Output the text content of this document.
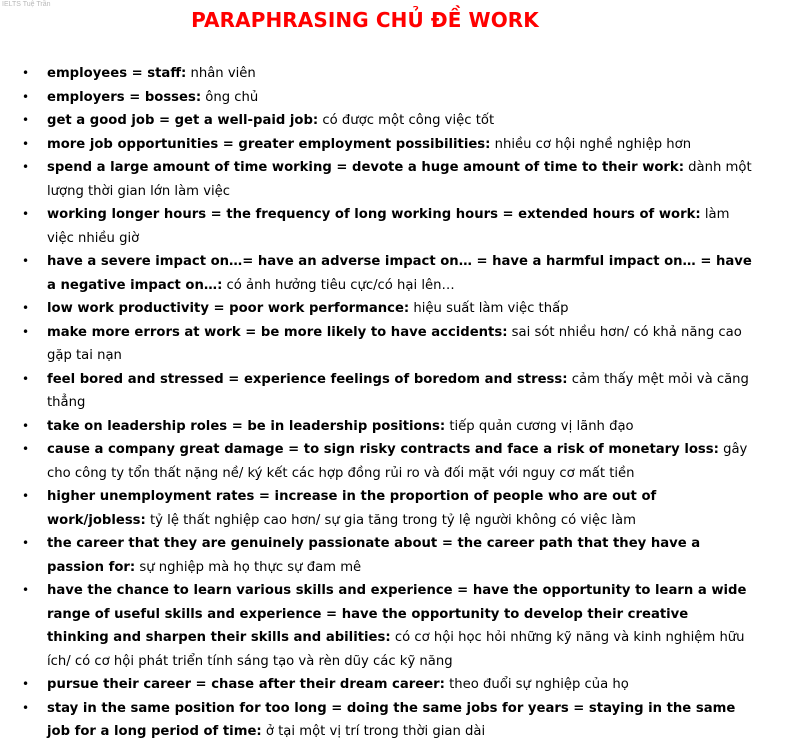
IELTS Tuệ Trần
PARAPHRASING CHỦ ĐỀ WORK
• employees = staff: nhân viên
• employers = bosses: ông chủ
• get a good job = get a well-paid job: có được một công việc tốt
• more job opportunities = greater employment possibilities: nhiều cơ hội nghề nghiệp hơn
• spend a large amount of time working = devote a huge amount of time to their work: dành một lượng thời gian lớn làm việc
• working longer hours = the frequency of long working hours = extended hours of work: làm việc nhiều giờ
• have a severe impact on…= have an adverse impact on… = have a harmful impact on… = have a negative impact on…: có ảnh hưởng tiêu cực/có hại lên…
• low work productivity = poor work performance: hiệu suất làm việc thấp
• make more errors at work = be more likely to have accidents: sai sót nhiều hơn/ có khả năng cao gặp tai nạn
• feel bored and stressed = experience feelings of boredom and stress: cảm thấy mệt mỏi và căng thẳng
• take on leadership roles = be in leadership positions: tiếp quản cương vị lãnh đạo
• cause a company great damage = to sign risky contracts and face a risk of monetary loss: gây cho công ty tổn thất nặng nề/ ký kết các hợp đồng rủi ro và đối mặt với nguy cơ mất tiền
• higher unemployment rates = increase in the proportion of people who are out of work/jobless: tỷ lệ thất nghiệp cao hơn/ sự gia tăng trong tỷ lệ người không có việc làm
• the career that they are genuinely passionate about = the career path that they have a passion for: sự nghiệp mà họ thực sự đam mê
• have the chance to learn various skills and experience = have the opportunity to learn a wide range of useful skills and experience = have the opportunity to develop their creative thinking and sharpen their skills and abilities: có cơ hội học hỏi những kỹ năng và kinh nghiệm hữu ích/ có cơ hội phát triển tính sáng tạo và rèn dũy các kỹ năng
• pursue their career = chase after their dream career: theo đuổi sự nghiệp của họ
• stay in the same position for too long = doing the same jobs for years = staying in the same job for a long period of time: ở tại một vị trí trong thời gian dài
